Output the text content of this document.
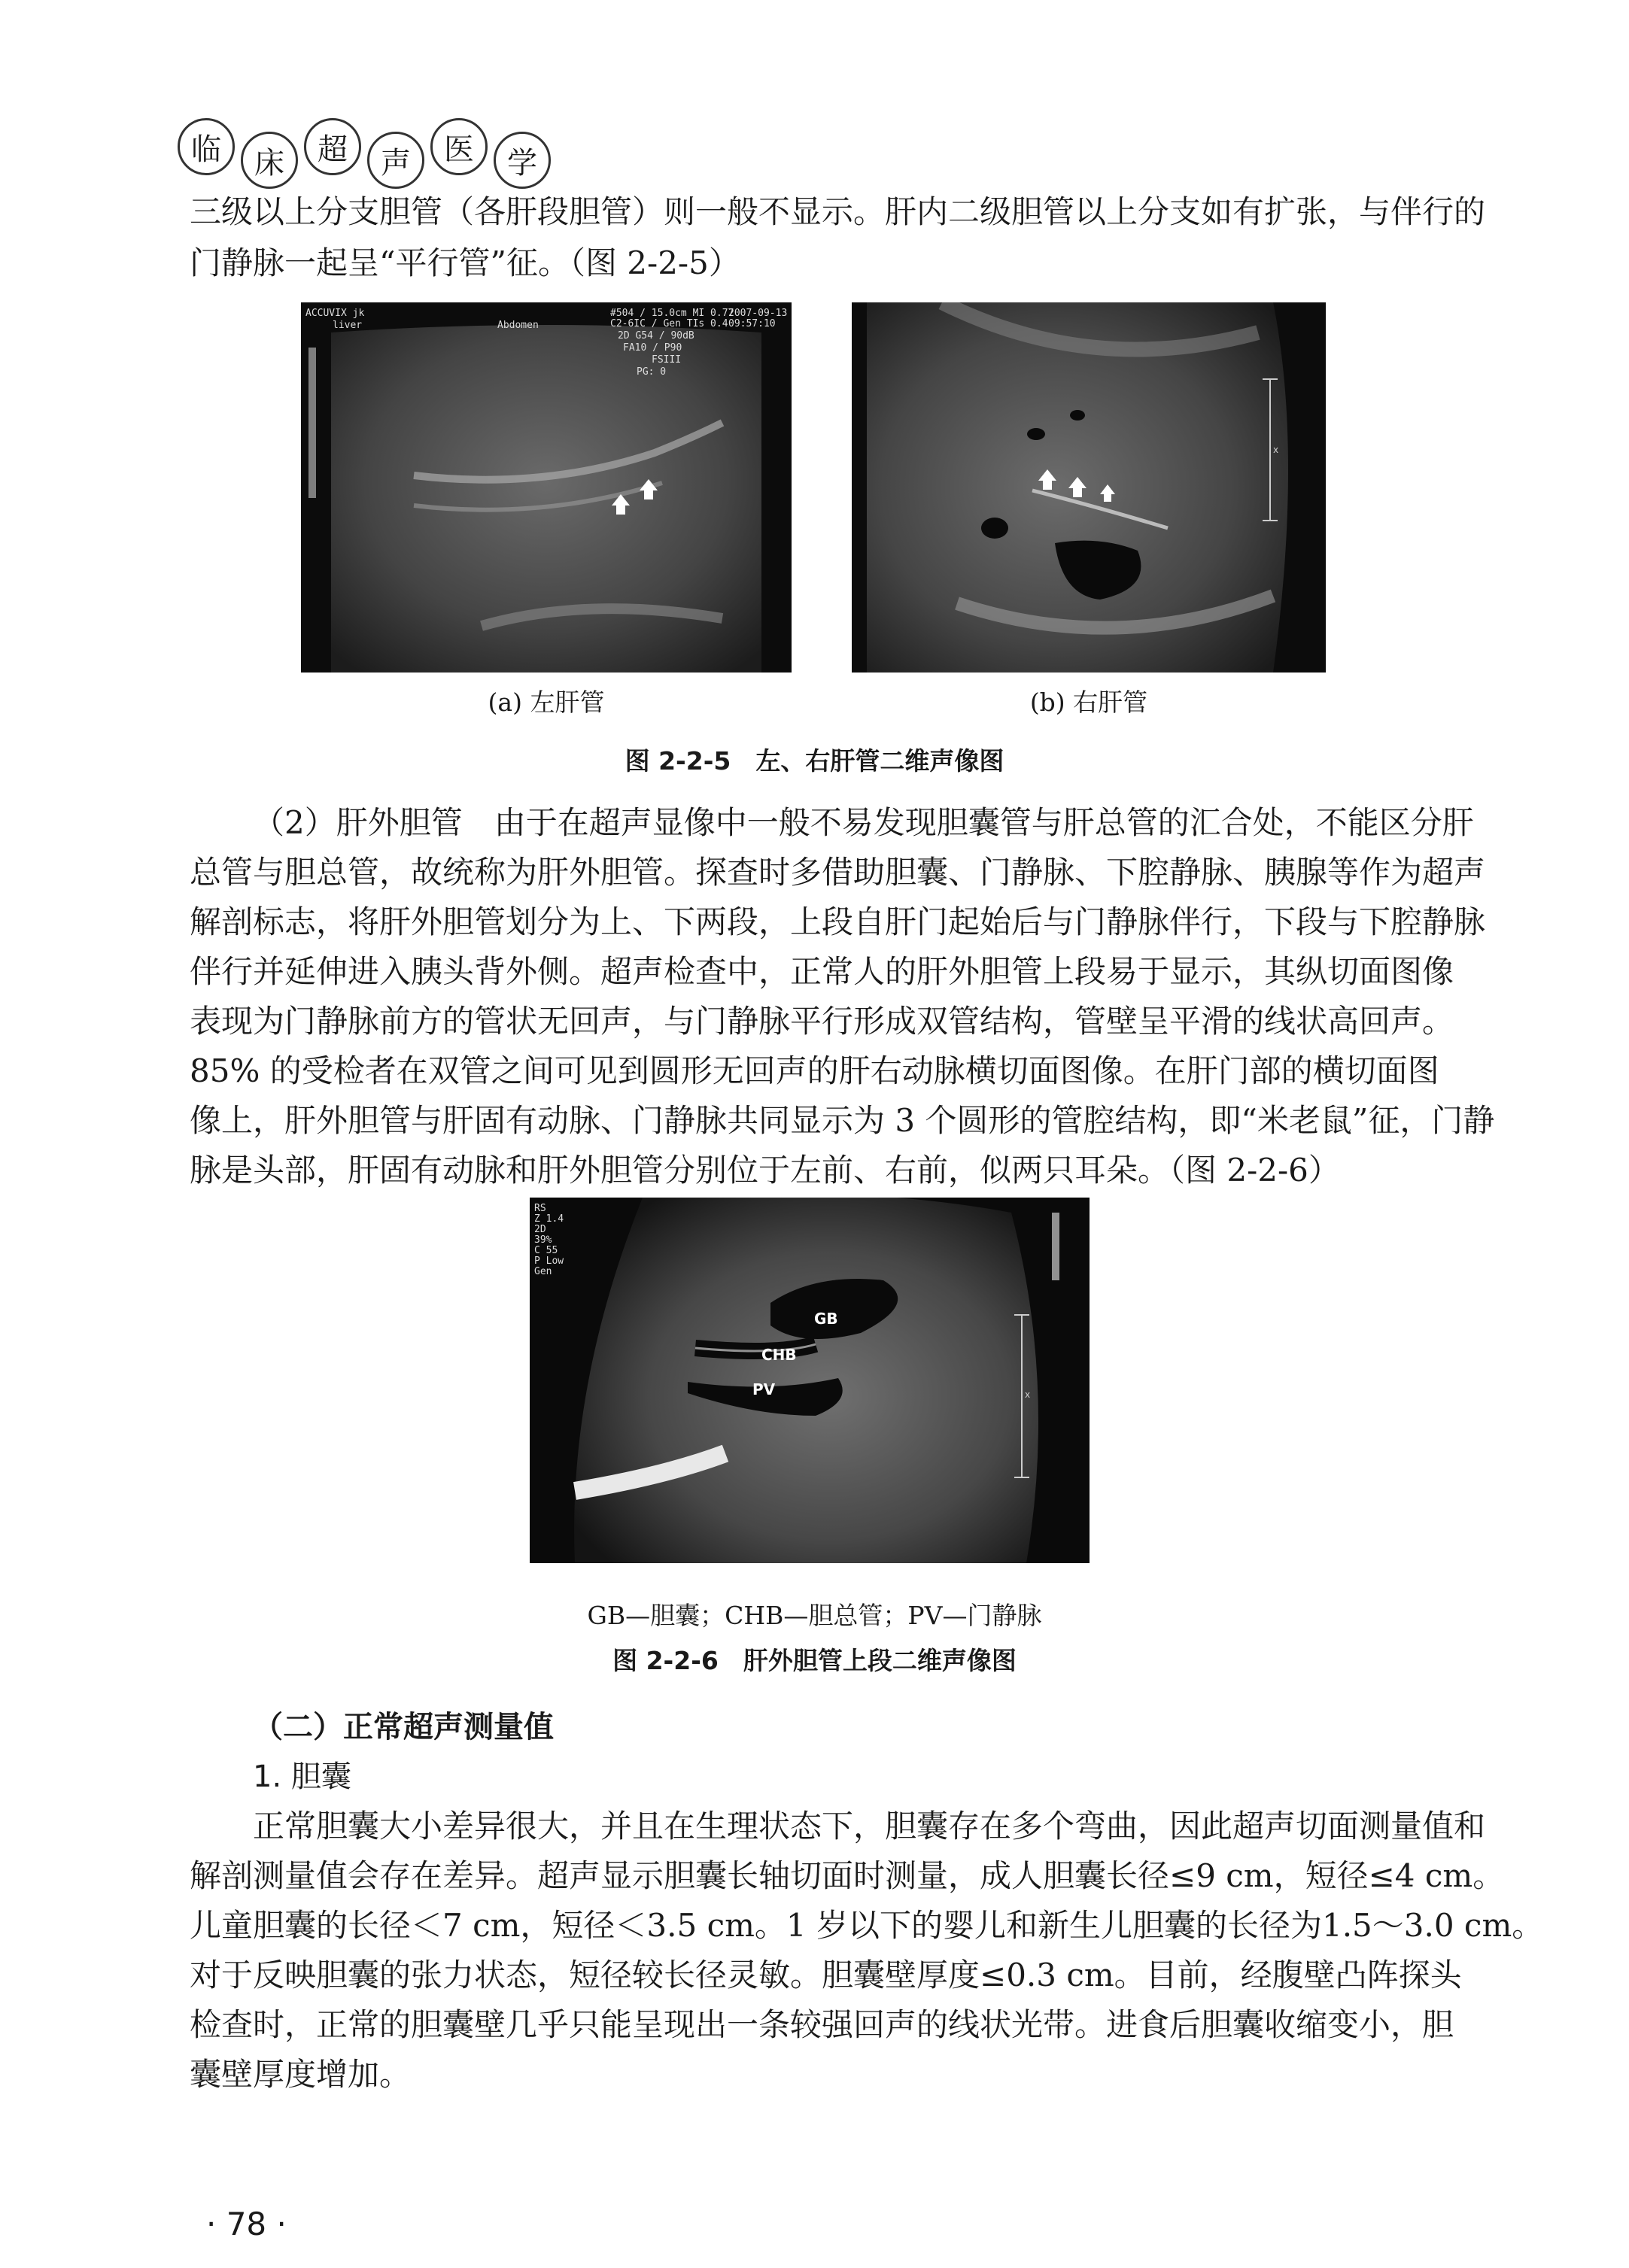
临	床	超	声	医	学
三级以上分支胆管（各肝段胆管）则一般不显示。肝内二级胆管以上分支如有扩张，与伴行的
门静脉一起呈“平行管”征。（图 2-2-5）
ACCUVIX jk
liver	Abdomen
#504 / 15.0cm MI 0.77
C2-6IC / Gen TIs 0.4
2D G54 / 90dB
FA10 / P90
FSIII
PG: 0
2007-09-13
09:57:10
(a) 左肝管
x
(b) 右肝管
图 2-2-5　左、右肝管二维声像图
（2）肝外胆管　由于在超声显像中一般不易发现胆囊管与肝总管的汇合处，不能区分肝
总管与胆总管，故统称为肝外胆管。探查时多借助胆囊、门静脉、下腔静脉、胰腺等作为超声
解剖标志，将肝外胆管划分为上、下两段，上段自肝门起始后与门静脉伴行，下段与下腔静脉
伴行并延伸进入胰头背外侧。超声检查中，正常人的肝外胆管上段易于显示，其纵切面图像
表现为门静脉前方的管状无回声，与门静脉平行形成双管结构，管壁呈平滑的线状高回声。
85% 的受检者在双管之间可见到圆形无回声的肝右动脉横切面图像。在肝门部的横切面图
像上，肝外胆管与肝固有动脉、门静脉共同显示为 3 个圆形的管腔结构，即“米老鼠”征，门静
脉是头部，肝固有动脉和肝外胆管分别位于左前、右前，似两只耳朵。（图 2-2-6）
x
GB
CHB
PV
RS
Z 1.4
2D
39%
C 55
P Low
Gen
GB—胆囊；CHB—胆总管；PV—门静脉
图 2-2-6　肝外胆管上段二维声像图
（二）正常超声测量值
1. 胆囊
正常胆囊大小差异很大，并且在生理状态下，胆囊存在多个弯曲，因此超声切面测量值和
解剖测量值会存在差异。超声显示胆囊长轴切面时测量，成人胆囊长径≤9 cm，短径≤4 cm。
儿童胆囊的长径＜7 cm，短径＜3.5 cm。1 岁以下的婴儿和新生儿胆囊的长径为1.5～3.0 cm。
对于反映胆囊的张力状态，短径较长径灵敏。胆囊壁厚度≤0.3 cm。目前，经腹壁凸阵探头
检查时，正常的胆囊壁几乎只能呈现出一条较强回声的线状光带。进食后胆囊收缩变小，胆
囊壁厚度增加。
· 78 ·
